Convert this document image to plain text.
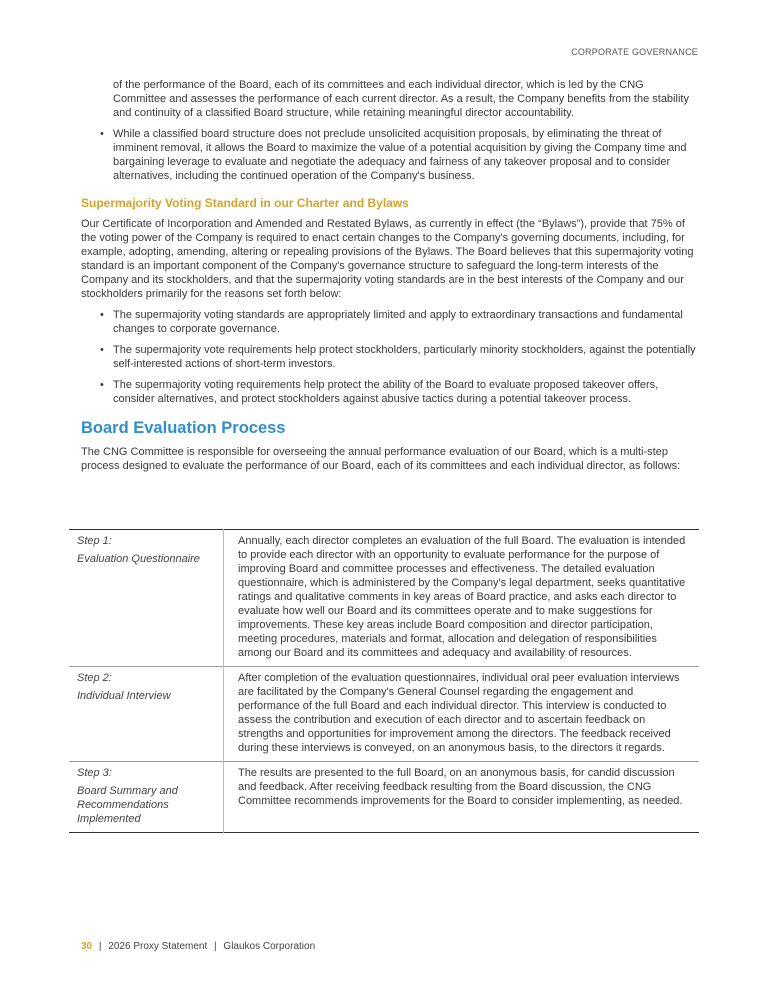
CORPORATE GOVERNANCE

of the performance of the Board, each of its committees and each individual director, which is led by the CNG Committee and assesses the performance of each current director. As a result, the Company benefits from the stability and continuity of a classified Board structure, while retaining meaningful director accountability.

• While a classified board structure does not preclude unsolicited acquisition proposals, by eliminating the threat of imminent removal, it allows the Board to maximize the value of a potential acquisition by giving the Company time and bargaining leverage to evaluate and negotiate the adequacy and fairness of any takeover proposal and to consider alternatives, including the continued operation of the Company's business.
Supermajority Voting Standard in our Charter and Bylaws

Our Certificate of Incorporation and Amended and Restated Bylaws, as currently in effect (the “Bylaws”), provide that 75% of the voting power of the Company is required to enact certain changes to the Company's governing documents, including, for example, adopting, amending, altering or repealing provisions of the Bylaws. The Board believes that this supermajority voting standard is an important component of the Company's governance structure to safeguard the long-term interests of the Company and its stockholders, and that the supermajority voting standards are in the best interests of the Company and our stockholders primarily for the reasons set forth below:

• The supermajority voting standards are appropriately limited and apply to extraordinary transactions and fundamental changes to corporate governance.
• The supermajority vote requirements help protect stockholders, particularly minority stockholders, against the potentially self-interested actions of short-term investors.
• The supermajority voting requirements help protect the ability of the Board to evaluate proposed takeover offers, consider alternatives, and protect stockholders against abusive tactics during a potential takeover process.
Board Evaluation Process

The CNG Committee is responsible for overseeing the annual performance evaluation of our Board, which is a multi-step process designed to evaluate the performance of our Board, each of its committees and each individual director, as follows:

Step 1:
Evaluation Questionnaire	Annually, each director completes an evaluation of the full Board. The evaluation is intended to provide each director with an opportunity to evaluate performance for the purpose of improving Board and committee processes and effectiveness. The detailed evaluation questionnaire, which is administered by the Company's legal department, seeks quantitative ratings and qualitative comments in key areas of Board practice, and asks each director to evaluate how well our Board and its committees operate and to make suggestions for improvements. These key areas include Board composition and director participation, meeting procedures, materials and format, allocation and delegation of responsibilities among our Board and its committees and adequacy and availability of resources.

Step 2:
Individual Interview	After completion of the evaluation questionnaires, individual oral peer evaluation interviews are facilitated by the Company's General Counsel regarding the engagement and performance of the full Board and each individual director. This interview is conducted to assess the contribution and execution of each director and to ascertain feedback on strengths and opportunities for improvement among the directors. The feedback received during these interviews is conveyed, on an anonymous basis, to the directors it regards.

Step 3:
Board Summary and Recommendations Implemented	The results are presented to the full Board, on an anonymous basis, for candid discussion and feedback. After receiving feedback resulting from the Board discussion, the CNG Committee recommends improvements for the Board to consider implementing, as needed.
30 | 2026 Proxy Statement | Glaukos Corporation
